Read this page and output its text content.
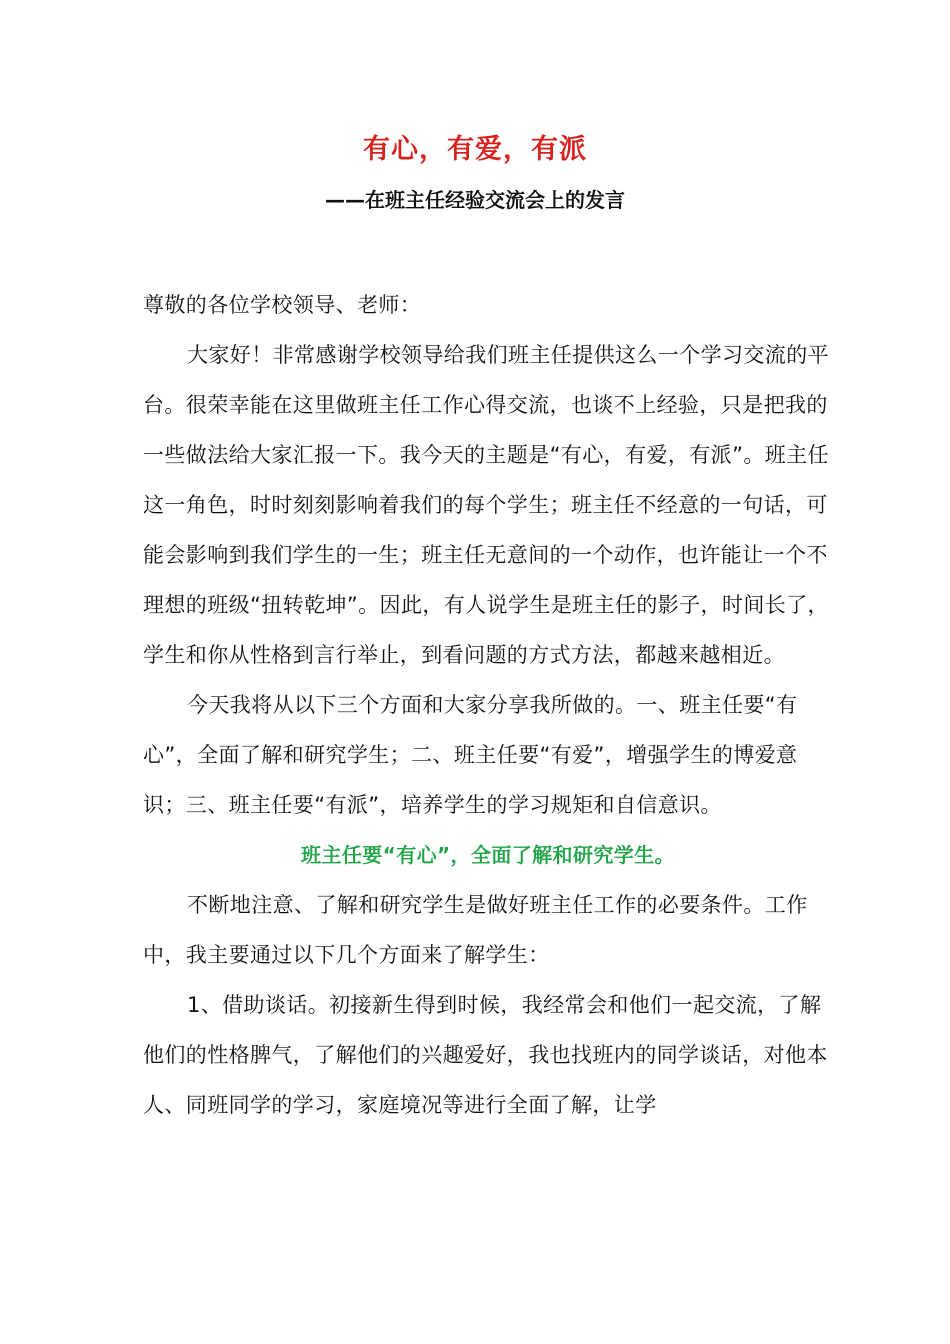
有心，有爱，有派
——在班主任经验交流会上的发言

尊敬的各位学校领导、老师：

大家好！非常感谢学校领导给我们班主任提供这么一个学习交流的平台。很荣幸能在这里做班主任工作心得交流，也谈不上经验，只是把我的一些做法给大家汇报一下。我今天的主题是“有心，有爱，有派”。班主任这一角色，时时刻刻影响着我们的每个学生；班主任不经意的一句话，可能会影响到我们学生的一生；班主任无意间的一个动作，也许能让一个不理想的班级“扭转乾坤”。因此，有人说学生是班主任的影子，时间长了，学生和你从性格到言行举止，到看问题的方式方法，都越来越相近。

今天我将从以下三个方面和大家分享我所做的。一、班主任要“有心”，全面了解和研究学生；二、班主任要“有爱”，增强学生的博爱意识；三、班主任要“有派”，培养学生的学习规矩和自信意识。

班主任要“有心”，全面了解和研究学生。

不断地注意、了解和研究学生是做好班主任工作的必要条件。工作中，我主要通过以下几个方面来了解学生：

1、借助谈话。初接新生得到时候，我经常会和他们一起交流，了解他们的性格脾气，了解他们的兴趣爱好，我也找班内的同学谈话，对他本人、同班同学的学习，家庭境况等进行全面了解，让学
